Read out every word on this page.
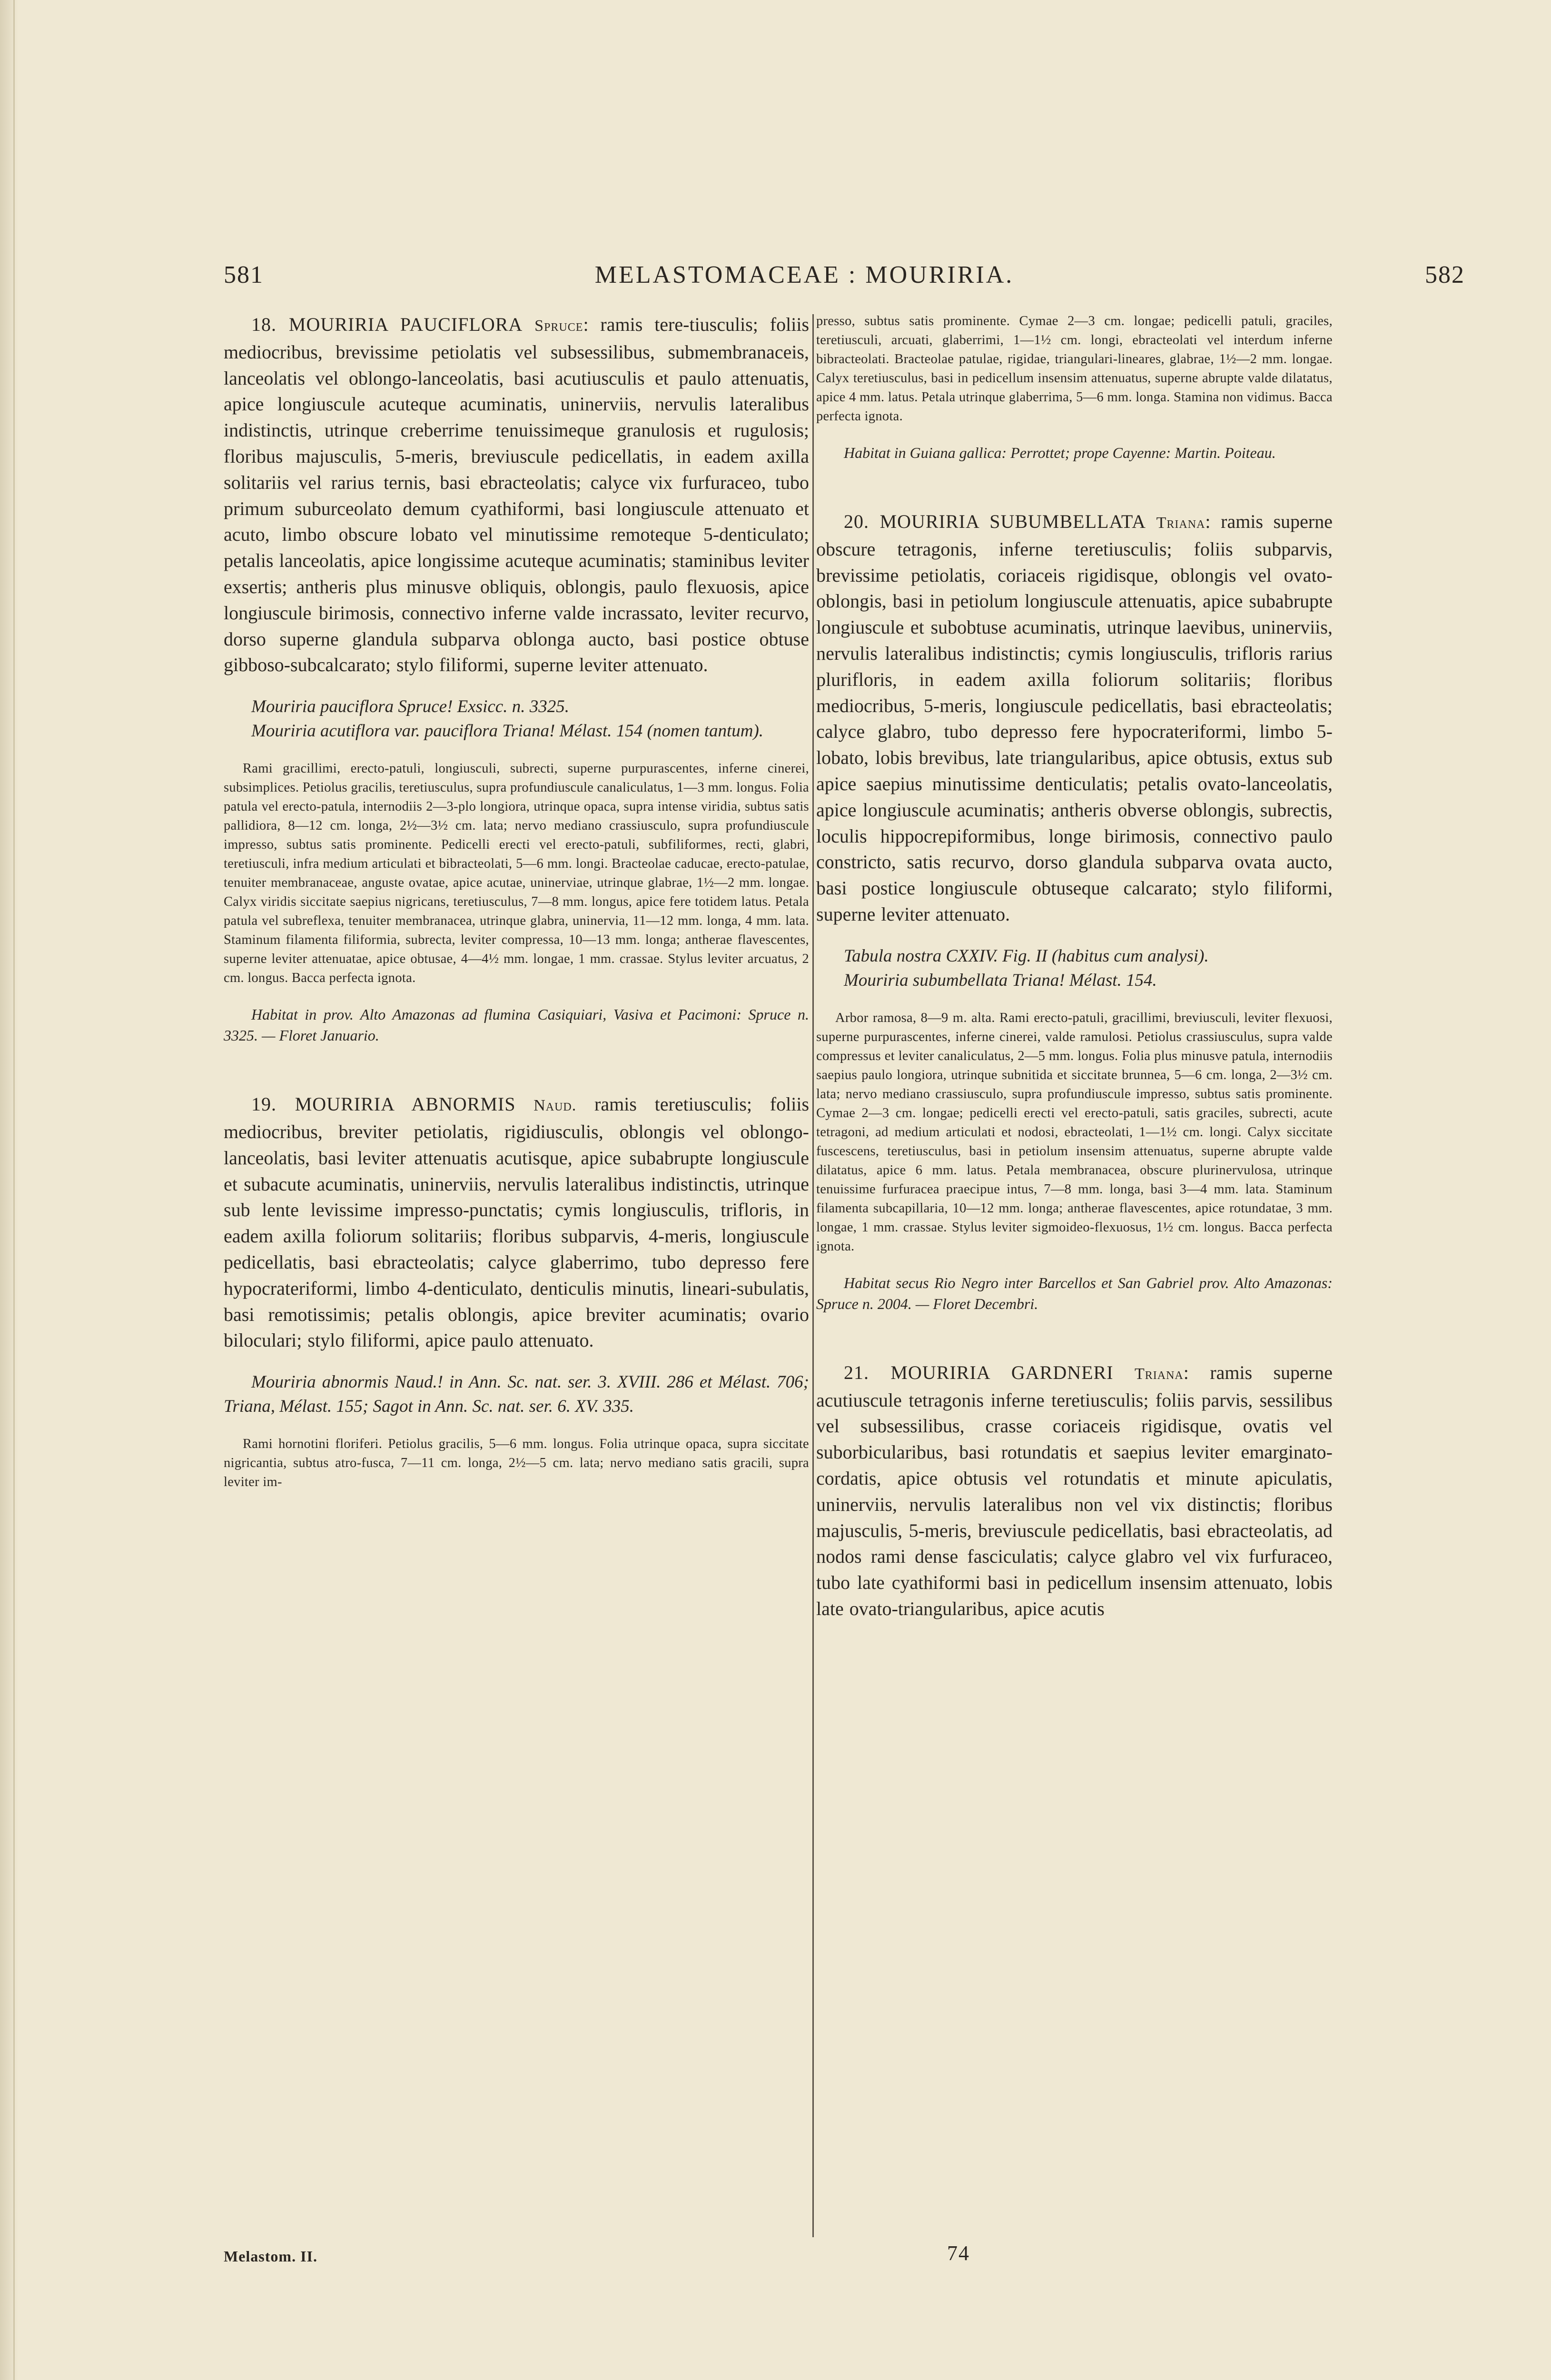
581	MELASTOMACEAE : MOURIRIA.	582

18. MOURIRIA PAUCIFLORA Spruce: ramis tere-tiusculis; foliis mediocribus, brevissime petiolatis vel subsessilibus, submembranaceis, lanceolatis vel oblongo-lanceolatis, basi acutiusculis et paulo attenuatis, apice longiuscule acuteque acuminatis, uninerviis, nervulis lateralibus indistinctis, utrinque creberrime tenuissimeque granulosis et rugulosis; floribus majusculis, 5-meris, breviuscule pedicellatis, in eadem axilla solitariis vel rarius ternis, basi ebracteolatis; calyce vix furfuraceo, tubo primum suburceolato demum cyathiformi, basi longiuscule attenuato et acuto, limbo obscure lobato vel minutissime remoteque 5-denticulato; petalis lanceolatis, apice longissime acuteque acuminatis; staminibus leviter exsertis; antheris plus minusve obliquis, oblongis, paulo flexuosis, apice longiuscule birimosis, connectivo inferne valde incrassato, leviter recurvo, dorso superne glandula subparva oblonga aucto, basi postice obtuse gibboso-subcalcarato; stylo filiformi, superne leviter attenuato.

Mouriria pauciflora Spruce! Exsicc. n. 3325.

Mouriria acutiflora var. pauciflora Triana! Mélast. 154 (nomen tantum).

Rami gracillimi, erecto-patuli, longiusculi, subrecti, superne purpurascentes, inferne cinerei, subsimplices. Petiolus gracilis, teretiusculus, supra profundiuscule canaliculatus, 1—3 mm. longus. Folia patula vel erecto-patula, internodiis 2—3-plo longiora, utrinque opaca, supra intense viridia, subtus satis pallidiora, 8—12 cm. longa, 2½—3½ cm. lata; nervo mediano crassiusculo, supra profundiuscule impresso, subtus satis prominente. Pedicelli erecti vel erecto-patuli, subfiliformes, recti, glabri, teretiusculi, infra medium articulati et bibracteolati, 5—6 mm. longi. Bracteolae caducae, erecto-patulae, tenuiter membranaceae, anguste ovatae, apice acutae, uninerviae, utrinque glabrae, 1½—2 mm. longae. Calyx viridis siccitate saepius nigricans, teretiusculus, 7—8 mm. longus, apice fere totidem latus. Petala patula vel subreflexa, tenuiter membranacea, utrinque glabra, uninervia, 11—12 mm. longa, 4 mm. lata. Staminum filamenta filiformia, subrecta, leviter compressa, 10—13 mm. longa; antherae flavescentes, superne leviter attenuatae, apice obtusae, 4—4½ mm. longae, 1 mm. crassae. Stylus leviter arcuatus, 2 cm. longus. Bacca perfecta ignota.

Habitat in prov. Alto Amazonas ad flumina Casiquiari, Vasiva et Pacimoni: Spruce n. 3325. — Floret Januario.

19. MOURIRIA ABNORMIS Naud. ramis teretiusculis; foliis mediocribus, breviter petiolatis, rigidiusculis, oblongis vel oblongo-lanceolatis, basi leviter attenuatis acutisque, apice subabrupte longiuscule et subacute acuminatis, uninerviis, nervulis lateralibus indistinctis, utrinque sub lente levissime impresso-punctatis; cymis longiusculis, trifloris, in eadem axilla foliorum solitariis; floribus subparvis, 4-meris, longiuscule pedicellatis, basi ebracteolatis; calyce glaberrimo, tubo depresso fere hypocrateriformi, limbo 4-denticulato, denticulis minutis, lineari-subulatis, basi remotissimis; petalis oblongis, apice breviter acuminatis; ovario biloculari; stylo filiformi, apice paulo attenuato.

Mouriria abnormis Naud.! in Ann. Sc. nat. ser. 3. XVIII. 286 et Mélast. 706; Triana, Mélast. 155; Sagot in Ann. Sc. nat. ser. 6. XV. 335.

Rami hornotini floriferi. Petiolus gracilis, 5—6 mm. longus. Folia utrinque opaca, supra siccitate nigricantia, subtus atro-fusca, 7—11 cm. longa, 2½—5 cm. lata; nervo mediano satis gracili, supra leviter im-

presso, subtus satis prominente. Cymae 2—3 cm. longae; pedicelli patuli, graciles, teretiusculi, arcuati, glaberrimi, 1—1½ cm. longi, ebracteolati vel interdum inferne bibracteolati. Bracteolae patulae, rigidae, triangulari-lineares, glabrae, 1½—2 mm. longae. Calyx teretiusculus, basi in pedicellum insensim attenuatus, superne abrupte valde dilatatus, apice 4 mm. latus. Petala utrinque glaberrima, 5—6 mm. longa. Stamina non vidimus. Bacca perfecta ignota.

Habitat in Guiana gallica: Perrottet; prope Cayenne: Martin. Poiteau.

20. MOURIRIA SUBUMBELLATA Triana: ramis superne obscure tetragonis, inferne teretiusculis; foliis subparvis, brevissime petiolatis, coriaceis rigidisque, oblongis vel ovato-oblongis, basi in petiolum longiuscule attenuatis, apice subabrupte longiuscule et subobtuse acuminatis, utrinque laevibus, uninerviis, nervulis lateralibus indistinctis; cymis longiusculis, trifloris rarius plurifloris, in eadem axilla foliorum solitariis; floribus mediocribus, 5-meris, longiuscule pedicellatis, basi ebracteolatis; calyce glabro, tubo depresso fere hypocrateriformi, limbo 5-lobato, lobis brevibus, late triangularibus, apice obtusis, extus sub apice saepius minutissime denticulatis; petalis ovato-lanceolatis, apice longiuscule acuminatis; antheris obverse oblongis, subrectis, loculis hippocrepiformibus, longe birimosis, connectivo paulo constricto, satis recurvo, dorso glandula subparva ovata aucto, basi postice longiuscule obtuseque calcarato; stylo filiformi, superne leviter attenuato.

Tabula nostra CXXIV. Fig. II (habitus cum analysi).

Mouriria subumbellata Triana! Mélast. 154.

Arbor ramosa, 8—9 m. alta. Rami erecto-patuli, gracillimi, breviusculi, leviter flexuosi, superne purpurascentes, inferne cinerei, valde ramulosi. Petiolus crassiusculus, supra valde compressus et leviter canaliculatus, 2—5 mm. longus. Folia plus minusve patula, internodiis saepius paulo longiora, utrinque subnitida et siccitate brunnea, 5—6 cm. longa, 2—3½ cm. lata; nervo mediano crassiusculo, supra profundiuscule impresso, subtus satis prominente. Cymae 2—3 cm. longae; pedicelli erecti vel erecto-patuli, satis graciles, subrecti, acute tetragoni, ad medium articulati et nodosi, ebracteolati, 1—1½ cm. longi. Calyx siccitate fuscescens, teretiusculus, basi in petiolum insensim attenuatus, superne abrupte valde dilatatus, apice 6 mm. latus. Petala membranacea, obscure plurinervulosa, utrinque tenuissime furfuracea praecipue intus, 7—8 mm. longa, basi 3—4 mm. lata. Staminum filamenta subcapillaria, 10—12 mm. longa; antherae flavescentes, apice rotundatae, 3 mm. longae, 1 mm. crassae. Stylus leviter sigmoideo-flexuosus, 1½ cm. longus. Bacca perfecta ignota.

Habitat secus Rio Negro inter Barcellos et San Gabriel prov. Alto Amazonas: Spruce n. 2004. — Floret Decembri.

21. MOURIRIA GARDNERI Triana: ramis superne acutiuscule tetragonis inferne teretiusculis; foliis parvis, sessilibus vel subsessilibus, crasse coriaceis rigidisque, ovatis vel suborbicularibus, basi rotundatis et saepius leviter emarginato-cordatis, apice obtusis vel rotundatis et minute apiculatis, uninerviis, nervulis lateralibus non vel vix distinctis; floribus majusculis, 5-meris, breviuscule pedicellatis, basi ebracteolatis, ad nodos rami dense fasciculatis; calyce glabro vel vix furfuraceo, tubo late cyathiformi basi in pedicellum insensim attenuato, lobis late ovato-triangularibus, apice acutis

Melastom. II.	74
